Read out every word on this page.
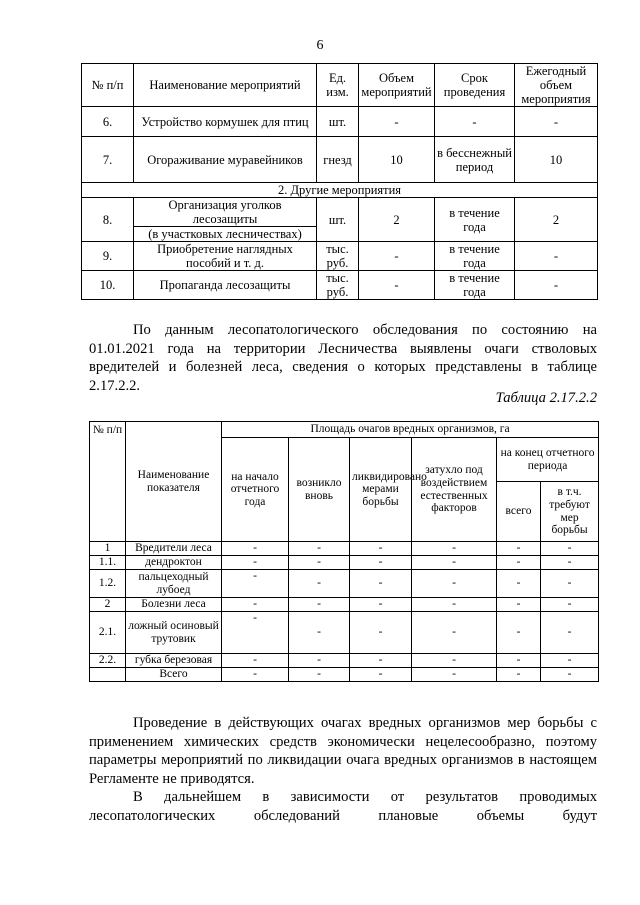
6
№ п/п	Наименование мероприятий	Ед. изм.	Объем мероприятий	Срок проведения	Ежегодный объем мероприятия
6.	Устройство кормушек для птиц	шт.	-	-	-
7.	Огораживание муравейников	гнезд	10	в бесснежный период	10
2. Другие мероприятия					
8.	Организация уголков лесозащиты	шт.	2	в течение года	2
	(в участковых лесничествах)				
9.	Приобретение наглядных пособий и т. д.	тыс. руб.	-	в течение года	-
10.	Пропаганда лесозащиты	тыс. руб.	-	в течение года	-

По данным лесопатологического обследования по состоянию на 01.01.2021 года на территории Лесничества выявлены очаги стволовых вредителей и болезней леса, сведения о которых представлены в таблице 2.17.2.2.

Таблица 2.17.2.2
№ п/п	Наименование показателя	Площадь очагов вредных организмов, га					
		на начало отчетного года	возникло вновь	ликвидировано мерами борьбы	затухло под воздействием естественных факторов	на конец отчетного периода	
						всего	в т.ч. требуют мер борьбы
1	Вредители леса	-	-	-	-	-	-
1.1.	дендроктон	-	-	-	-	-	-
1.2.	пальцеходный лубоед	-	-	-	-	-	-
2	Болезни леса	-	-	-	-	-	-
2.1.	ложный осиновый трутовик	-	-	-	-	-	-
2.2.	губка березовая	-	-	-	-	-	-
	Всего	-	-	-	-	-	-

Проведение в действующих очагах вредных организмов мер борьбы с применением химических средств экономически нецелесообразно, поэтому параметры мероприятий по ликвидации очага вредных организмов в настоящем Регламенте не приводятся.

В дальнейшем в зависимости от результатов проводимых
лесопатологических обследований плановые объемы будут
